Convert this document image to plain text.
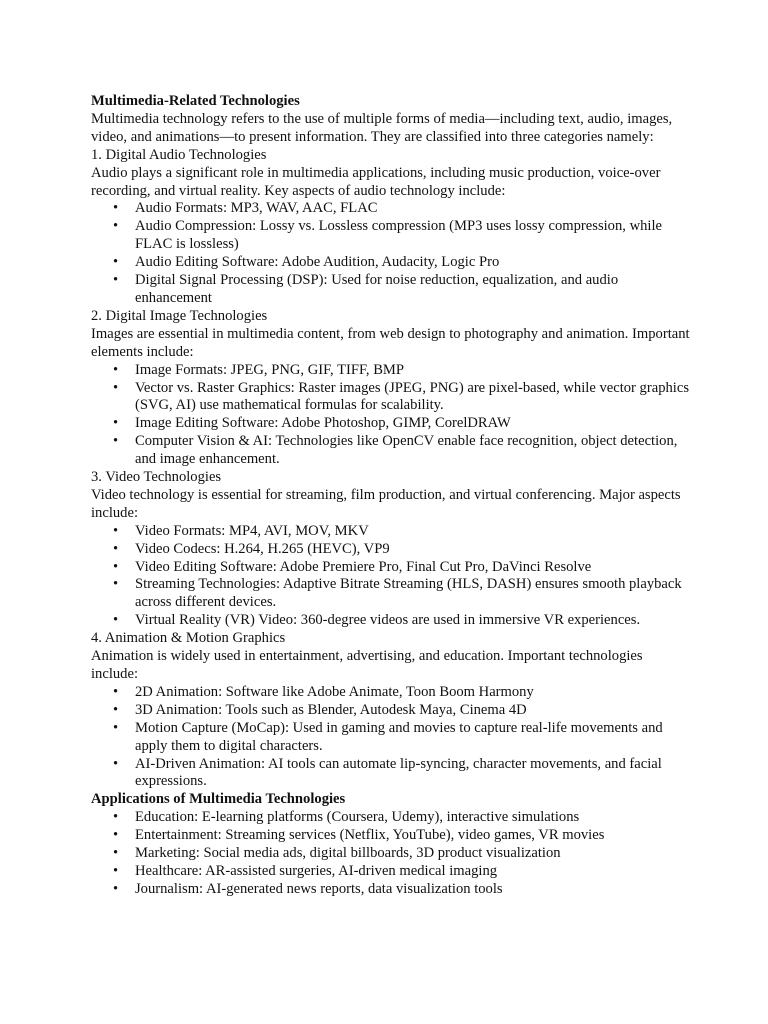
Multimedia-Related Technologies

Multimedia technology refers to the use of multiple forms of media—including text, audio, images, video, and animations—to present information. They are classified into three categories namely:

1. Digital Audio Technologies

Audio plays a significant role in multimedia applications, including music production, voice-over recording, and virtual reality. Key aspects of audio technology include:

• Audio Formats: MP3, WAV, AAC, FLAC
• Audio Compression: Lossy vs. Lossless compression (MP3 uses lossy compression, while FLAC is lossless)
• Audio Editing Software: Adobe Audition, Audacity, Logic Pro
• Digital Signal Processing (DSP): Used for noise reduction, equalization, and audio enhancement

2. Digital Image Technologies

Images are essential in multimedia content, from web design to photography and animation. Important elements include:

• Image Formats: JPEG, PNG, GIF, TIFF, BMP
• Vector vs. Raster Graphics: Raster images (JPEG, PNG) are pixel-based, while vector graphics (SVG, AI) use mathematical formulas for scalability.
• Image Editing Software: Adobe Photoshop, GIMP, CorelDRAW
• Computer Vision & AI: Technologies like OpenCV enable face recognition, object detection, and image enhancement.

3. Video Technologies

Video technology is essential for streaming, film production, and virtual conferencing. Major aspects include:

• Video Formats: MP4, AVI, MOV, MKV
• Video Codecs: H.264, H.265 (HEVC), VP9
• Video Editing Software: Adobe Premiere Pro, Final Cut Pro, DaVinci Resolve
• Streaming Technologies: Adaptive Bitrate Streaming (HLS, DASH) ensures smooth playback across different devices.
• Virtual Reality (VR) Video: 360-degree videos are used in immersive VR experiences.

4. Animation & Motion Graphics

Animation is widely used in entertainment, advertising, and education. Important technologies include:

• 2D Animation: Software like Adobe Animate, Toon Boom Harmony
• 3D Animation: Tools such as Blender, Autodesk Maya, Cinema 4D
• Motion Capture (MoCap): Used in gaming and movies to capture real-life movements and apply them to digital characters.
• AI-Driven Animation: AI tools can automate lip-syncing, character movements, and facial expressions.
Applications of Multimedia Technologies
• Education: E-learning platforms (Coursera, Udemy), interactive simulations
• Entertainment: Streaming services (Netflix, YouTube), video games, VR movies
• Marketing: Social media ads, digital billboards, 3D product visualization
• Healthcare: AR-assisted surgeries, AI-driven medical imaging
• Journalism: AI-generated news reports, data visualization tools
